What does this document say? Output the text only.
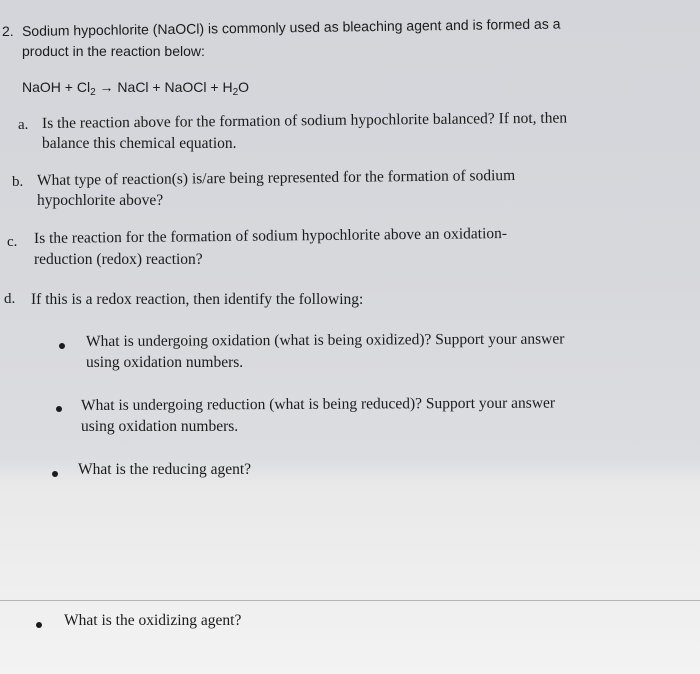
2. Sodium hypochlorite (NaOCl) is commonly used as bleaching agent and is formed as a
product in the reaction below:
NaOH + $Cl_2$ → NaCl + NaOCl + $H_2O$
a. Is the reaction above for the formation of sodium hypochlorite balanced? If not, then
balance this chemical equation.
b. What type of reaction(s) is/are being represented for the formation of sodium
hypochlorite above?
c. Is the reaction for the formation of sodium hypochlorite above an oxidation-
reduction (redox) reaction?
d. If this is a redox reaction, then identify the following:
What is undergoing oxidation (what is being oxidized)? Support your answer
using oxidation numbers.
What is undergoing reduction (what is being reduced)? Support your answer
using oxidation numbers.
What is the reducing agent?
What is the oxidizing agent?
